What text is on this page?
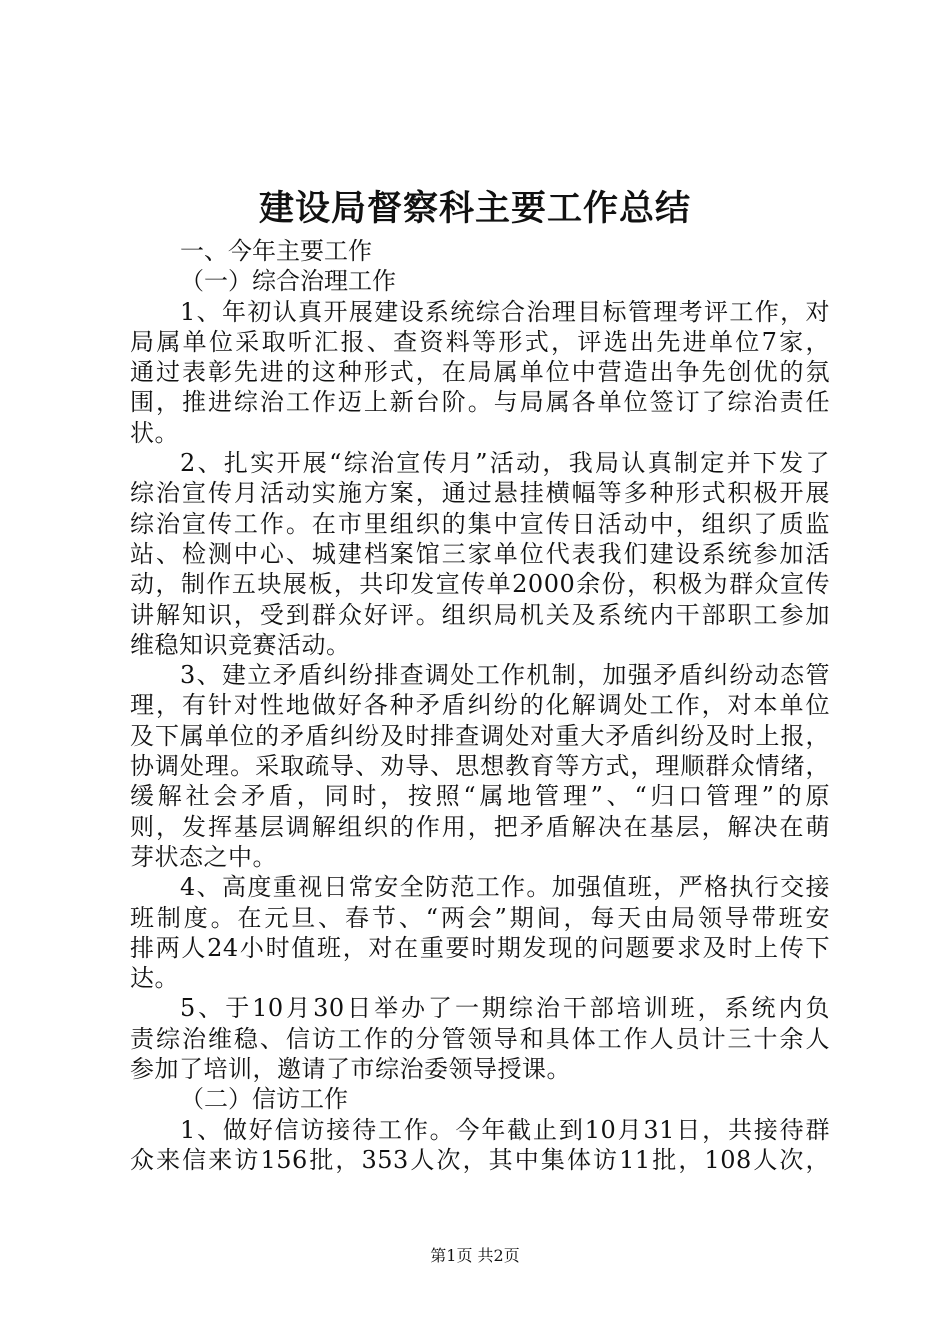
建设局督察科主要工作总结
一、今年主要工作
（一）综合治理工作
1、年初认真开展建设系统综合治理目标管理考评工作，对
局属单位采取听汇报、查资料等形式，评选出先进单位7家，
通过表彰先进的这种形式，在局属单位中营造出争先创优的氛
围，推进综治工作迈上新台阶。与局属各单位签订了综治责任
状。
2、扎实开展“综治宣传月”活动，我局认真制定并下发了
综治宣传月活动实施方案，通过悬挂横幅等多种形式积极开展
综治宣传工作。在市里组织的集中宣传日活动中，组织了质监
站、检测中心、城建档案馆三家单位代表我们建设系统参加活
动，制作五块展板，共印发宣传单2000余份，积极为群众宣传
讲解知识，受到群众好评。组织局机关及系统内干部职工参加
维稳知识竞赛活动。
3、建立矛盾纠纷排查调处工作机制，加强矛盾纠纷动态管
理，有针对性地做好各种矛盾纠纷的化解调处工作，对本单位
及下属单位的矛盾纠纷及时排查调处对重大矛盾纠纷及时上报，
协调处理。采取疏导、劝导、思想教育等方式，理顺群众情绪，
缓解社会矛盾，同时，按照“属地管理”、“归口管理”的原
则，发挥基层调解组织的作用，把矛盾解决在基层，解决在萌
芽状态之中。
4、高度重视日常安全防范工作。加强值班，严格执行交接
班制度。在元旦、春节、“两会”期间，每天由局领导带班安
排两人24小时值班，对在重要时期发现的问题要求及时上传下
达。
5、于10月30日举办了一期综治干部培训班，系统内负
责综治维稳、信访工作的分管领导和具体工作人员计三十余人
参加了培训，邀请了市综治委领导授课。
（二）信访工作
1、做好信访接待工作。今年截止到10月31日，共接待群
众来信来访156批，353人次，其中集体访11批，108人次，
第1页 共2页
